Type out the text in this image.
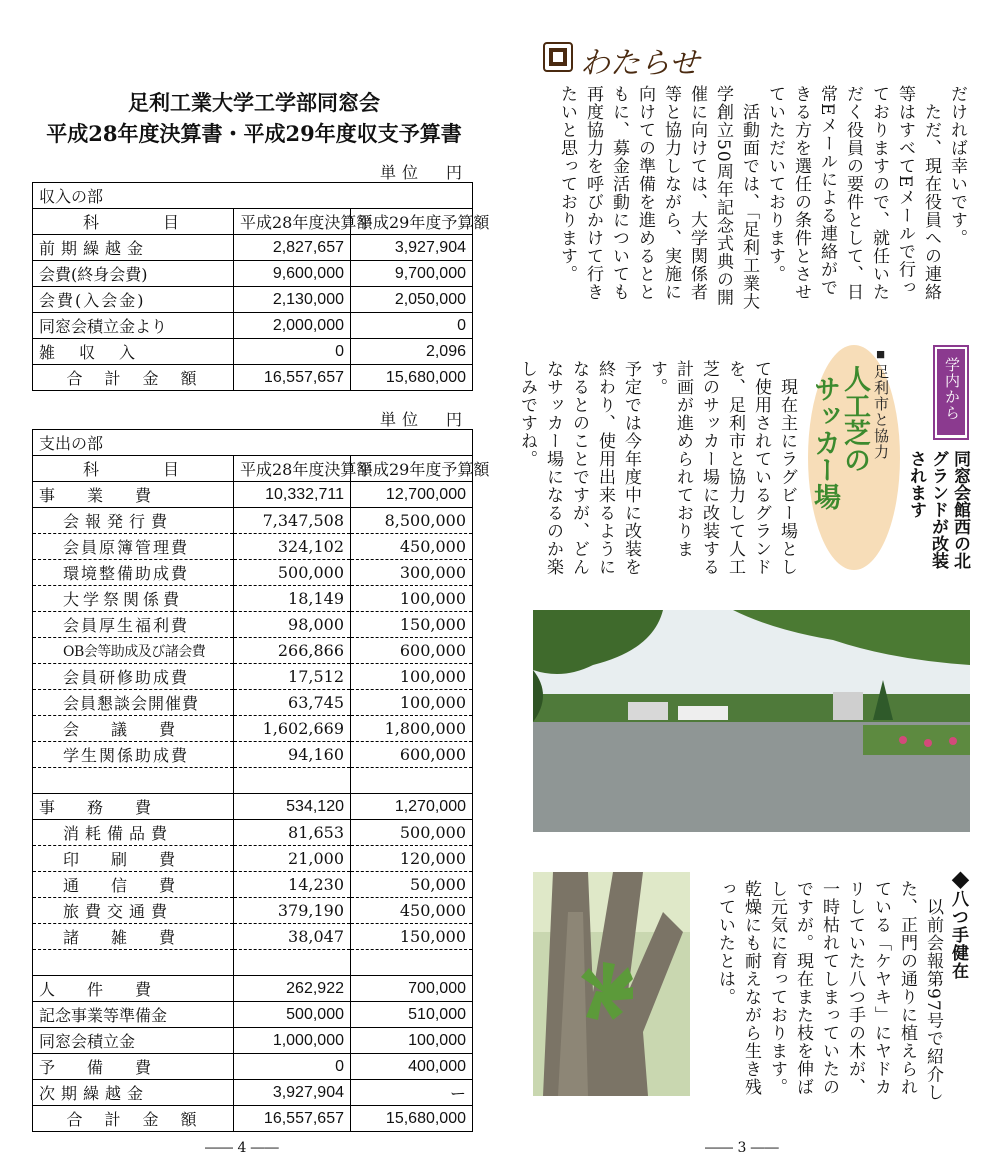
足利工業大学工学部同窓会
平成28年度決算書・平成29年度収支予算書
単位　円
収入の部		
科　　　目	平成28年度決算額	平成29年度予算額
前期繰越金	2,827,657	3,927,904
会費(終身会費)	9,600,000	9,700,000
会費(入会金)	2,130,000	2,050,000
同窓会積立金より	2,000,000	0
雑　収　入	0	2,096
合　計　金　額	16,557,657	15,680,000
単位　円
支出の部		
科　　　目	平成28年度決算額	平成29年度予算額
事　　業　　費	10,332,711	12,700,000
会報発行費	7,347,508	8,500,000
会員原簿管理費	324,102	450,000
環境整備助成費	500,000	300,000
大学祭関係費	18,149	100,000
会員厚生福利費	98,000	150,000
OB会等助成及び諸会費	266,866	600,000
会員研修助成費	17,512	100,000
会員懇談会開催費	63,745	100,000
会　　議　　費	1,602,669	1,800,000
学生関係助成費	94,160	600,000

事　　務　　費	534,120	1,270,000
消耗備品費	81,653	500,000
印　　刷　　費	21,000	120,000
通　　信　　費	14,230	50,000
旅費交通費	379,190	450,000
諸　　雑　　費	38,047	150,000

人　　件　　費	262,922	700,000
記念事業等準備金	500,000	510,000
同窓会積立金	1,000,000	100,000
予　　備　　費	0	400,000
次期繰越金	3,927,904	ー
合　計　金　額	16,557,657	15,680,000
―― 4 ――
わたらせ
だければ幸いです。
　ただ、現在役員への連絡
等はすべてEメールで行っ
ておりますので、就任いた
だく役員の要件として、日
常Eメールによる連絡がで
きる方を選任の条件とさせ
ていただいております。
　活動面では、「足利工業大
学創立50周年記念式典の開
催に向けては、大学関係者
等と協力しながら、実施に
向けての準備を進めるとと
もに、募金活動についても
再度協力を呼びかけて行き
たいと思っております。
学内から
同窓会館西の北グランドが改装されます
■足利市と協力
人工芝の
サッカー場
　現在主にラグビー場とし
て使用されているグランド
を、足利市と協力して人工
芝のサッカー場に改装する
計画が進められております。
予定では今年度中に改装を
終わり、使用出来るように
なるとのことですが、どん
なサッカー場になるのか楽
しみですね。
◆八つ手健在
　以前会報第97号で紹介し
た、正門の通りに植えられ
ている「ケヤキ」にヤドカ
リしていた八つ手の木が、
一時枯れてしまっていたの
ですが。現在また枝を伸ば
し元気に育っております。
乾燥にも耐えながら生き残
っていたとは。
―― 3 ――
